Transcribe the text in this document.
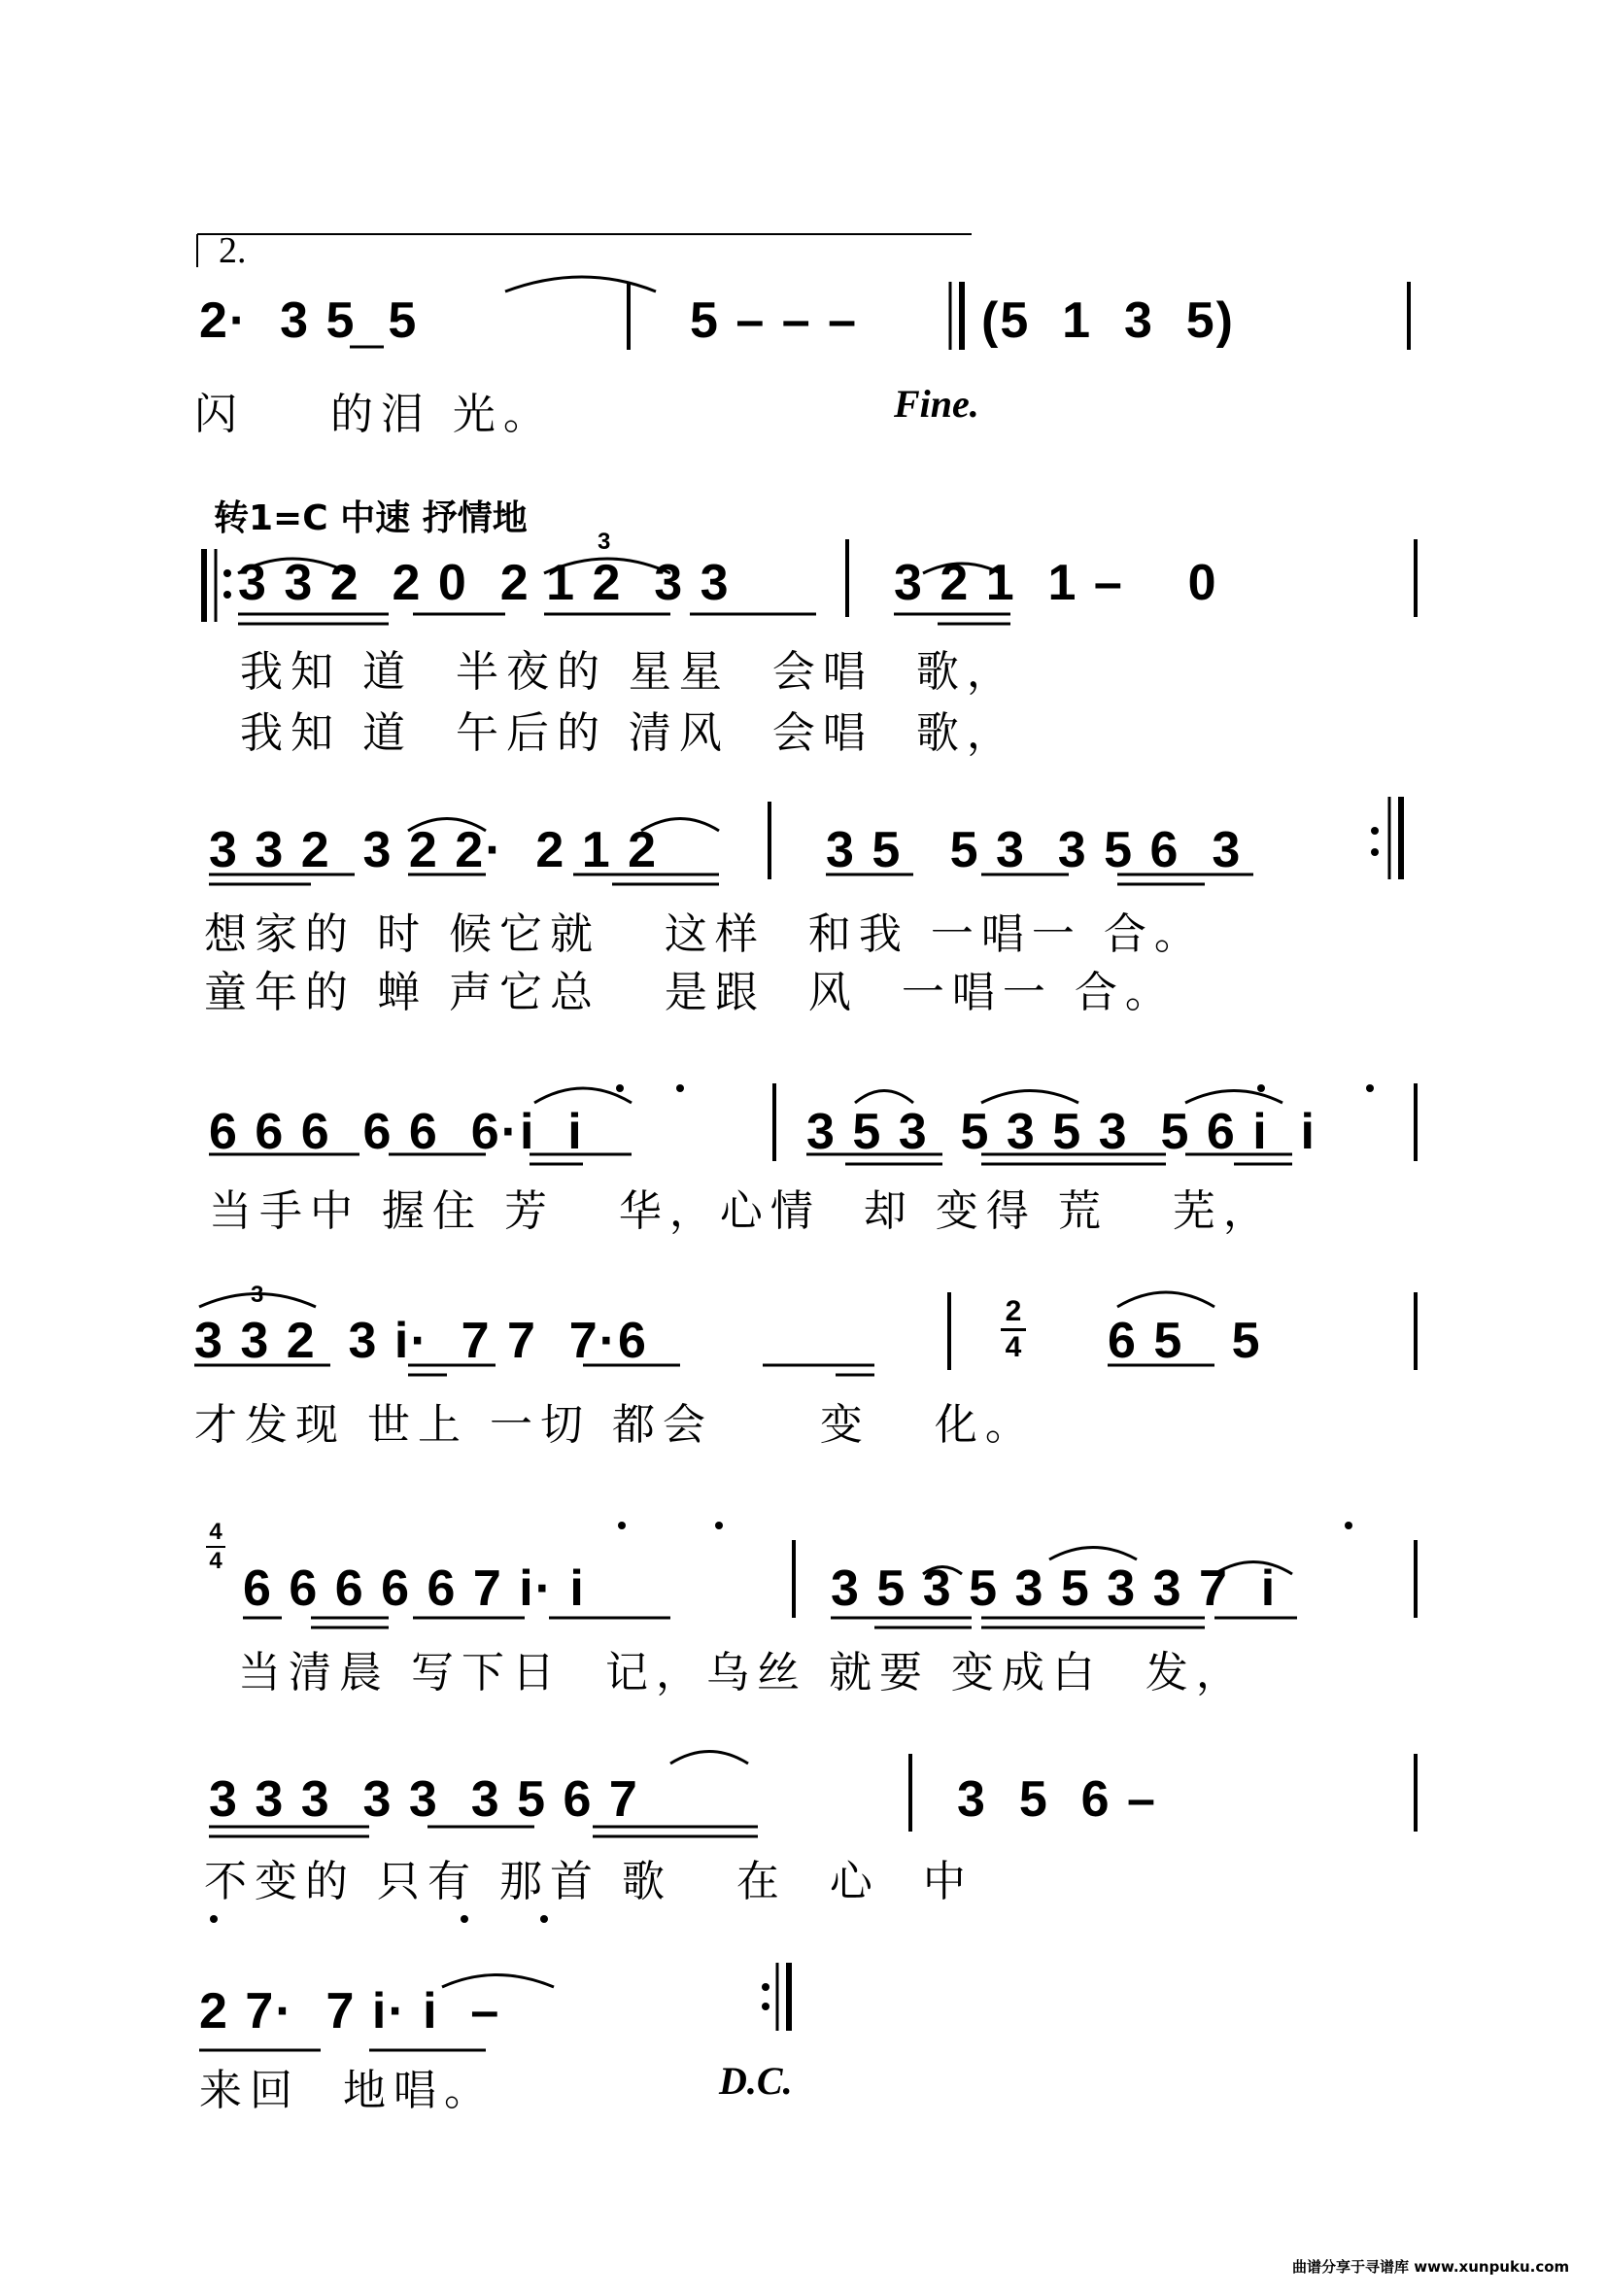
3
3
2.
2·  3 5  5	5 – – – (5  1  3  5)
闪    的泪 光。	Fine.
转1=C 中速 抒情地
3 3 2  2 0  2 1 2  3 3	3 2 1  1 –    0
我知 道  半夜的 星星  会唱  歌，
我知 道  午后的 清风  会唱  歌，
3 3 2  3 2 2·  2 1 2	3 5   5 3  3 5 6  3
想家的 时 候它就   这样  和我 一唱一 合。
童年的 蝉 声它总   是跟  风  一唱一 合。
6 6 6  6 6  6·i  i	3 5 3  5 3 5 3  5 6 i  i
当手中 握住 芳   华，心情  却 变得 荒   芜，
3 3 2  3 i·  7 7  7·6
2
4 6 5   5
才发现 世上 一切 都会     变   化。
4
4 6 6 6 6 6 7 i· i	3 5 3 5 3 5 3 3 7  i
当清晨 写下日  记，乌丝 就要 变成白  发，
3 3 3  3 3  3 5 6 7	3  5  6 –
不变的 只有 那首 歌   在  心  中
2 7·  7 i· i  –
来回  地唱。	D.C.
曲谱分享于寻谱库 www.xunpuku.com
